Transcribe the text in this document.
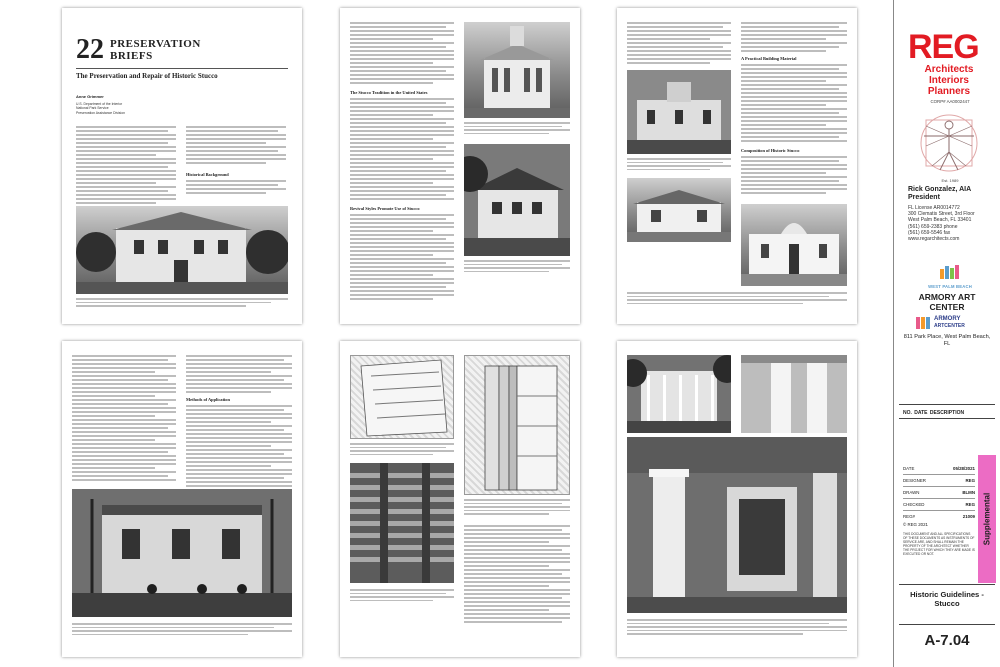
22 PRESERVATION
BRIEFS
The Preservation and Repair of Historic Stucco
Anne Grimmer
U.S. Department of the Interior
National Park Service
Preservation Assistance Division
Historical Background
The Stucco Tradition in the United States
Revival Styles Promote Use of Stucco
A Practical Building Material
Composition of Historic Stucco
Methods of Application
REG
Architects
Interiors
Planners
CORP# AA0002447
Est. 1989
Rick Gonzalez, AIA
President
FL License AR0014772
300 Clematis Street, 3rd Floor
West Palm Beach, FL 33401
(561) 659-2383 phone
(561) 659-5546 fax
www.regarchitects.com
WEST PALM BEACH
ARMORY ART CENTER
ARMORY
ARTCENTER
811 Park Place, West Palm Beach, FL
NO. DATE DESCRIPTION
Supplemental
DATE	05/28/2021
DESIGNER	REG
DRAWN	BLMN
CHECKED	REG
REG#	21009
© REG 2021
THIS DOCUMENT AND ALL SPECIFICATIONS OF THESE DOCUMENTS AS INSTRUMENTS OF SERVICE ARE, AND SHALL REMAIN THE PROPERTY OF THE ARCHITECT WHETHER THE PROJECT FOR WHICH THEY ARE MADE IS EXECUTED OR NOT.
Historic Guidelines - Stucco
A-7.04
